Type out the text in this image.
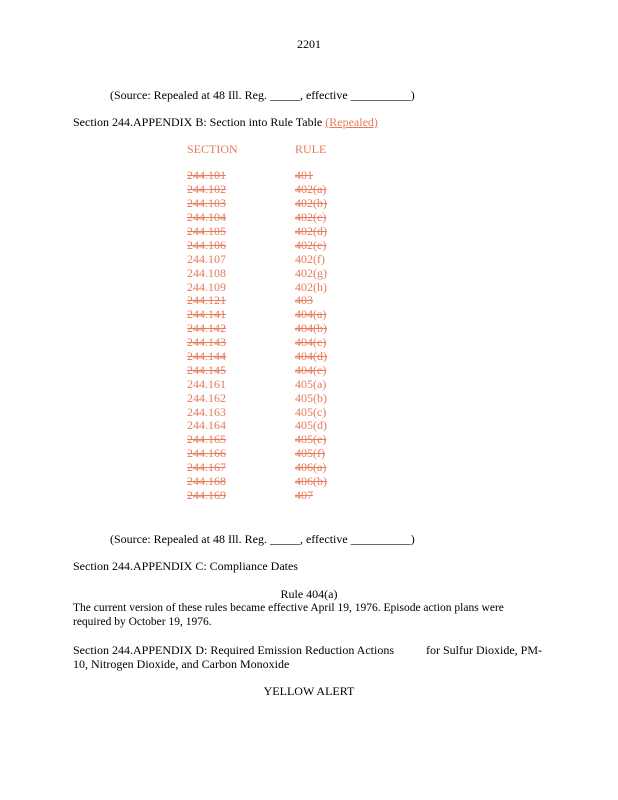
2201
(Source: Repealed at 48 Ill. Reg. _____, effective __________)
Section 244.APPENDIX B: Section into Rule Table (Repealed)
SECTION	RULE
244.101	401
244.102	402(a)
244.103	402(b)
244.104	402(c)
244.105	402(d)
244.106	402(e)
244.107	402(f)
244.108	402(g)
244.109	402(h)
244.121	403
244.141	404(a)
244.142	404(b)
244.143	404(c)
244.144	404(d)
244.145	404(e)
244.161	405(a)
244.162	405(b)
244.163	405(c)
244.164	405(d)
244.165	405(e)
244.166	405(f)
244.167	406(a)
244.168	406(b)
244.169	407
(Source: Repealed at 48 Ill. Reg. _____, effective __________)
Section 244.APPENDIX C: Compliance Dates
Rule 404(a)
The current version of these rules became effective April 19, 1976. Episode action plans were required by October 19, 1976.
Section 244.APPENDIX D: Required Emission Reduction Actions	for Sulfur Dioxide, PM-
10, Nitrogen Dioxide, and Carbon Monoxide
YELLOW ALERT
